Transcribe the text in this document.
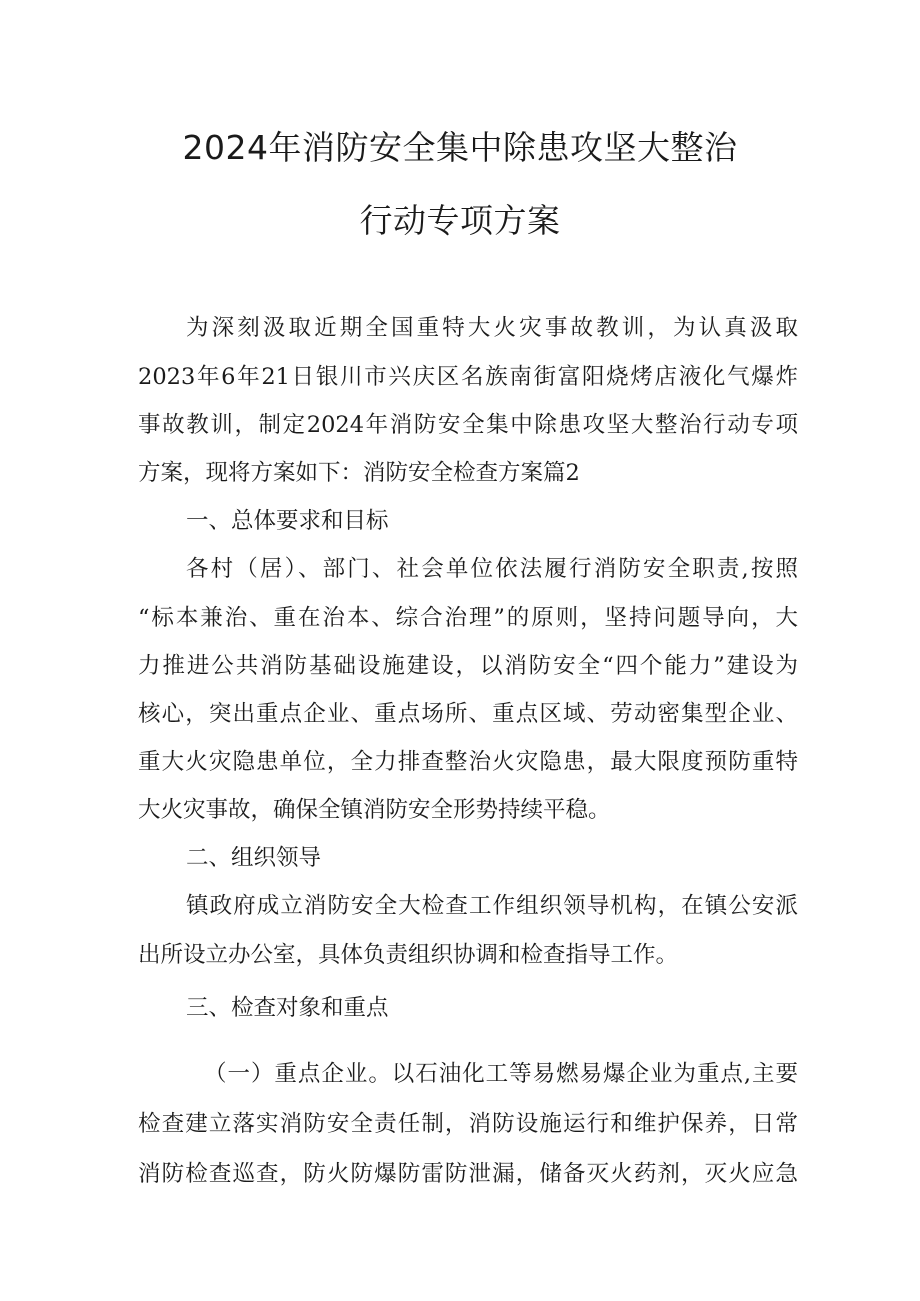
2024年消防安全集中除患攻坚大整治
行动专项方案
为深刻汲取近期全国重特大火灾事故教训，为认真汲取
2023年6年21日银川市兴庆区名族南街富阳烧烤店液化气爆炸
事故教训，制定2024年消防安全集中除患攻坚大整治行动专项
方案，现将方案如下：消防安全检查方案篇2
一、总体要求和目标
各村（居）、部门、社会单位依法履行消防安全职责,按照
“标本兼治、重在治本、综合治理”的原则，坚持问题导向，大
力推进公共消防基础设施建设，以消防安全“四个能力”建设为
核心，突出重点企业、重点场所、重点区域、劳动密集型企业、
重大火灾隐患单位，全力排查整治火灾隐患，最大限度预防重特
大火灾事故，确保全镇消防安全形势持续平稳。
二、组织领导
镇政府成立消防安全大检查工作组织领导机构，在镇公安派
出所设立办公室，具体负责组织协调和检查指导工作。
三、检查对象和重点
（一）重点企业。以石油化工等易燃易爆企业为重点,主要
检查建立落实消防安全责任制，消防设施运行和维护保养，日常
消防检查巡查，防火防爆防雷防泄漏，储备灭火药剂，灭火应急
